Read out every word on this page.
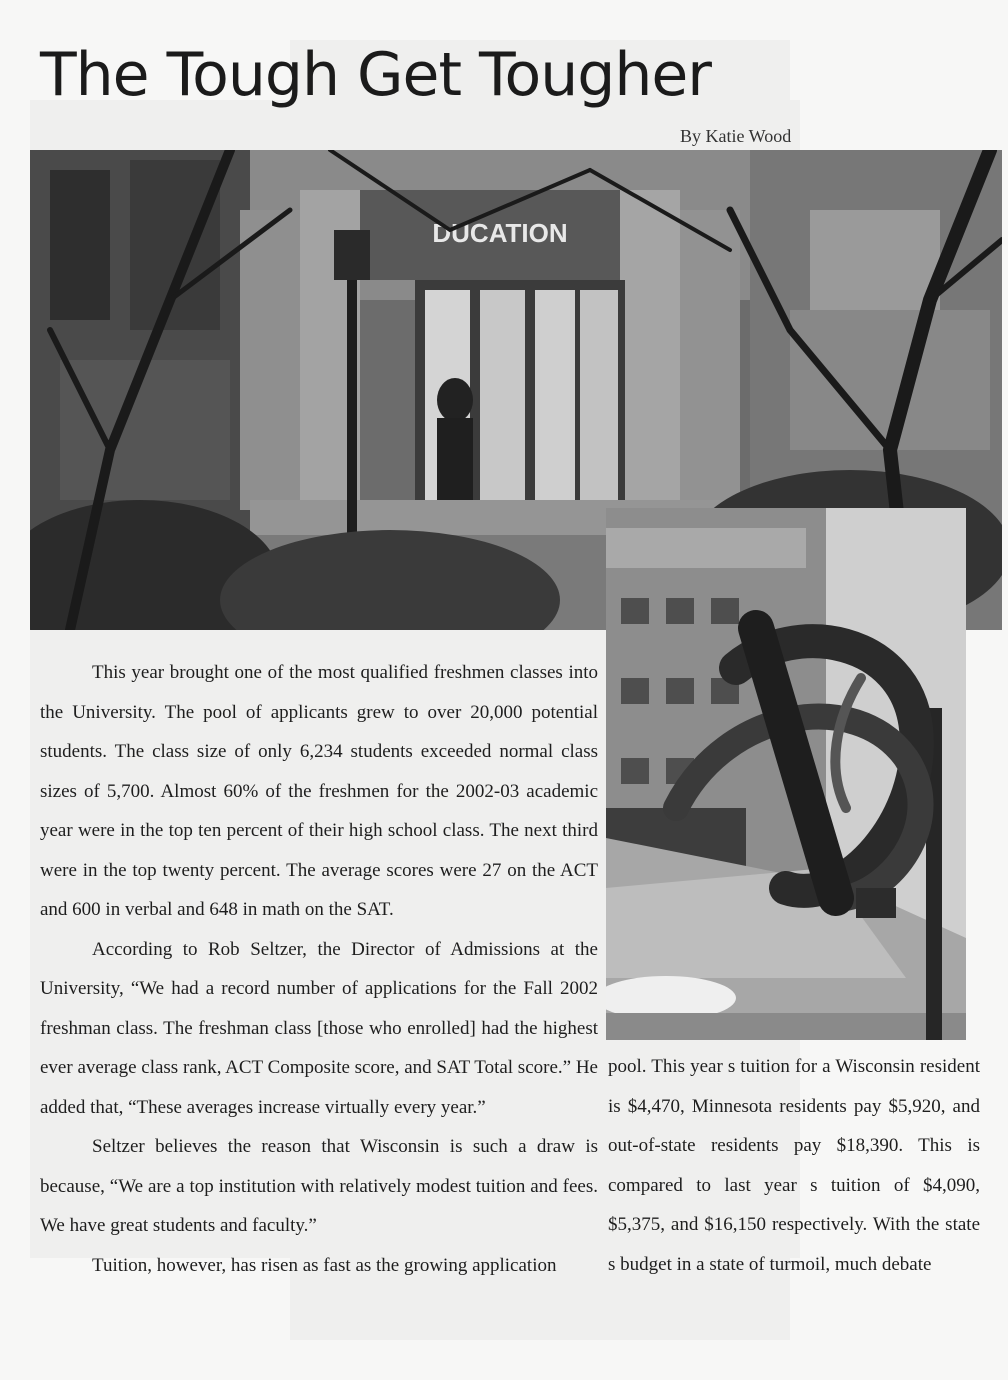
The Tough Get Tougher
By Katie Wood
DUCATION

This year brought one of the most qualified freshmen classes into the University. The pool of applicants grew to over 20,000 potential students. The class size of only 6,234 students exceeded normal class sizes of 5,700. Almost 60% of the freshmen for the 2002-03 academic year were in the top ten percent of their high school class. The next third were in the top twenty percent. The average scores were 27 on the ACT and 600 in verbal and 648 in math on the SAT.

According to Rob Seltzer, the Director of Admissions at the University, “We had a record number of applications for the Fall 2002 freshman class. The freshman class [those who enrolled] had the highest ever average class rank, ACT Composite score, and SAT Total score.” He added that, “These averages increase virtually every year.”

Seltzer believes the reason that Wisconsin is such a draw is because, “We are a top institution with relatively modest tuition and fees. We have great students and faculty.”

Tuition, however, has risen as fast as the growing application

pool. This year s tuition for a Wisconsin resident is $4,470, Minnesota residents pay $5,920, and out-of-state residents pay $18,390. This is compared to last year s tuition of $4,090, $5,375, and $16,150 respectively. With the state s budget in a state of turmoil, much debate
